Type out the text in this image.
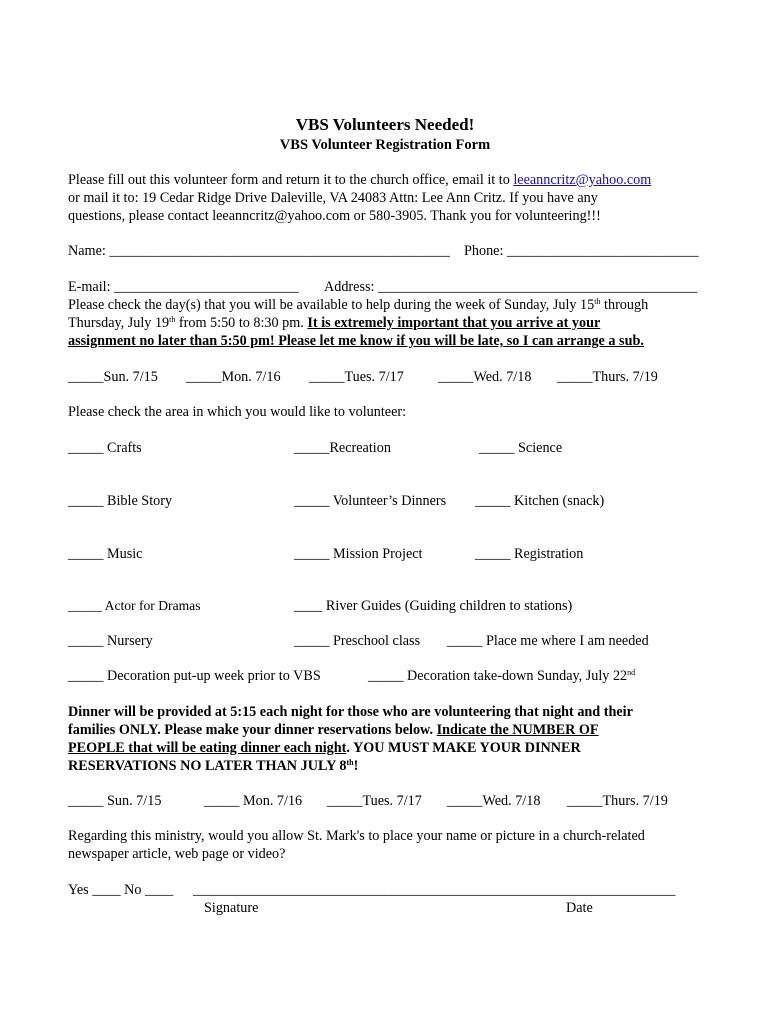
VBS Volunteers Needed!
VBS Volunteer Registration Form
Please fill out this volunteer form and return it to the church office, email it to leeanncritz@yahoo.com
or mail it to: 19 Cedar Ridge Drive Daleville, VA 24083 Attn: Lee Ann Critz. If you have any
questions, please contact leeanncritz@yahoo.com or 580-3905. Thank you for volunteering!!!
Name: ________________________________________________ Phone: ___________________________
E-mail: __________________________ Address: _____________________________________________
Please check the day(s) that you will be available to help during the week of Sunday, July 15th through
Thursday, July 19th from 5:50 to 8:30 pm. It is extremely important that you arrive at your
assignment no later than 5:50 pm! Please let me know if you will be late, so I can arrange a sub.
_____Sun. 7/15 _____Mon. 7/16 _____Tues. 7/17 _____Wed. 7/18 _____Thurs. 7/19
Please check the area in which you would like to volunteer:
_____ Crafts	_____Recreation	_____ Science
_____ Bible Story	_____ Volunteer’s Dinners _____ Kitchen (snack)
_____ Music	_____ Mission Project	_____ Registration
_____ Actor for Dramas	____ River Guides (Guiding children to stations)
_____ Nursery	_____ Preschool class _____ Place me where I am needed
_____ Decoration put-up week prior to VBS	_____ Decoration take-down Sunday, July 22nd
Dinner will be provided at 5:15 each night for those who are volunteering that night and their
families ONLY. Please make your dinner reservations below. Indicate the NUMBER OF
PEOPLE that will be eating dinner each night. YOU MUST MAKE YOUR DINNER
RESERVATIONS NO LATER THAN JULY 8th!
_____ Sun. 7/15	_____ Mon. 7/16 _____Tues. 7/17 _____Wed. 7/18 _____Thurs. 7/19
Regarding this ministry, would you allow St. Mark's to place your name or picture in a church-related
newspaper article, web page or video?
Yes ____ No ____ ____________________________________________________________________
Signature	Date
